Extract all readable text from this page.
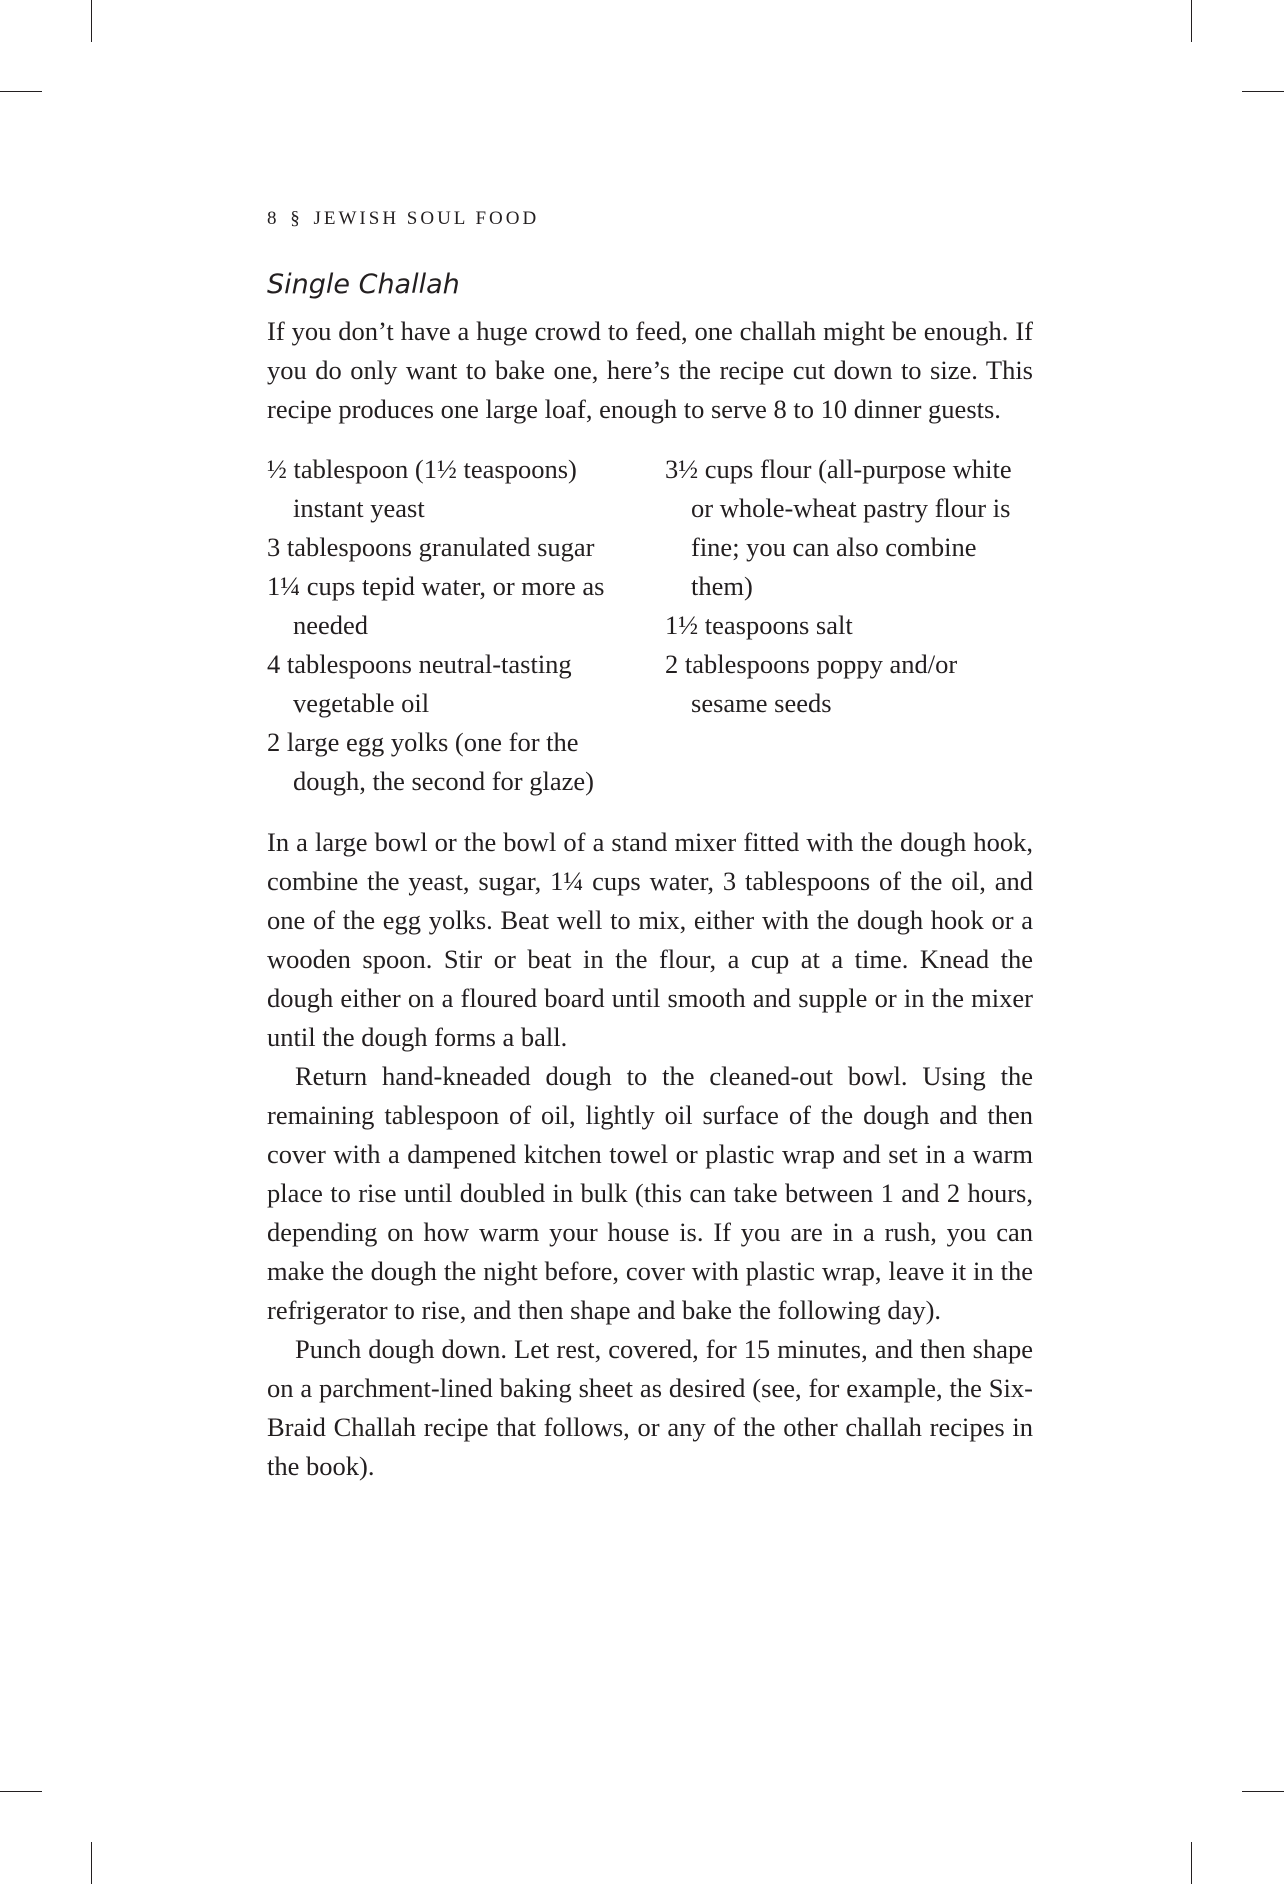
8 § JEWISH SOUL FOOD
Single Challah

If you don’t have a huge crowd to feed, one challah might be enough. If you do only want to bake one, here’s the recipe cut down to size. This recipe produces one large loaf, enough to serve 8 to 10 dinner guests.

½ tablespoon (1½ teaspoons) instant yeast
3 tablespoons granulated sugar
1¼ cups tepid water, or more as needed
4 tablespoons neutral-tasting vegetable oil
2 large egg yolks (one for the dough, the second for glaze)
3½ cups flour (all-purpose white or whole-wheat pastry flour is fine; you can also combine them)
1½ teaspoons salt
2 tablespoons poppy and/or sesame seeds

In a large bowl or the bowl of a stand mixer fitted with the dough hook, combine the yeast, sugar, 1¼ cups water, 3 tablespoons of the oil, and one of the egg yolks. Beat well to mix, either with the dough hook or a wooden spoon. Stir or beat in the flour, a cup at a time. Knead the dough either on a floured board until smooth and supple or in the mixer until the dough forms a ball.

Return hand-kneaded dough to the cleaned-out bowl. Using the remaining tablespoon of oil, lightly oil surface of the dough and then cover with a dampened kitchen towel or plastic wrap and set in a warm place to rise until doubled in bulk (this can take between 1 and 2 hours, depending on how warm your house is. If you are in a rush, you can make the dough the night before, cover with plastic wrap, leave it in the refrigerator to rise, and then shape and bake the following day).

Punch dough down. Let rest, covered, for 15 minutes, and then shape on a parchment-lined baking sheet as desired (see, for example, the Six-Braid Challah recipe that follows, or any of the other challah recipes in the book).
